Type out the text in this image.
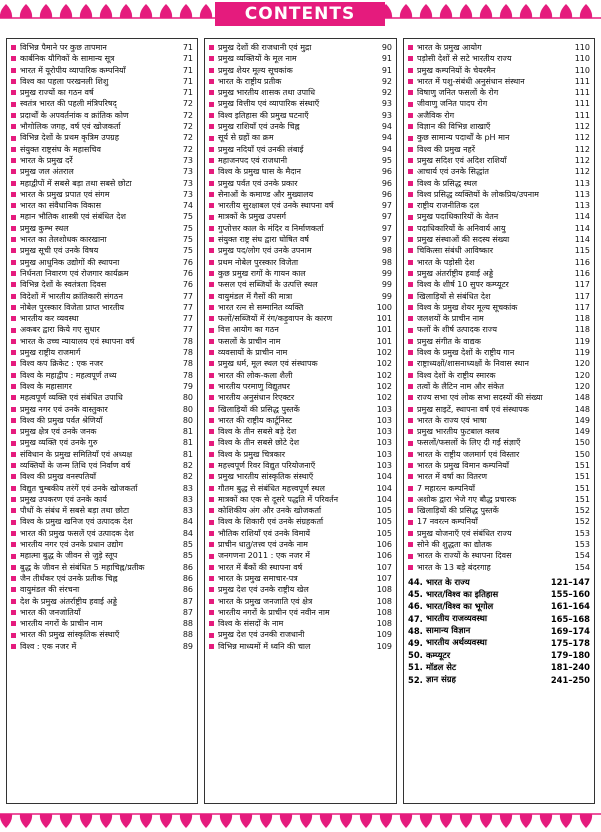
CONTENTS
विभिन्न पैमाने पर कुछ तापमान	71
कार्बनिक यौगिकों के सामान्य सूत्र	71
भारत में यूरोपीय व्यापारिक कम्पनियाँ	71
विश्व का पहला परखनली शिशु	71
प्रमुख राज्यों का गठन वर्ष	71
स्वतंत्र भारत की पहली मंत्रिपरिषद्	72
प्रदार्थों के अपवर्तनांक व क्रांतिक कोण	72
भौगोलिक जगह, वर्ष एवं खोजकर्ता	72
विभिन्न देशों के प्रथम कृत्रिम उपग्रह	72
संयुक्त राष्ट्रसंघ के महासचिव	72
भारत के प्रमुख दर्रे	73
प्रमुख जल अंतराल	73
महाद्वीपों में सबसे बड़ा तथा सबसे छोटा	73
भारत के प्रमुख प्रपात एवं संगम	73
भारत का संवैधानिक विकास	74
महान भौतिक शास्त्री एवं संबंधित देश	75
प्रमुख कुम्भ स्थल	75
भारत का तेलशोधक कारखाना	75
प्रमुख सूची एवं उनके विषय	75
प्रमुख आधुनिक उद्योगों की स्थापना	76
निर्धनता निवारण एवं रोजगार कार्यक्रम	76
विभिन्न देशों के स्वतंत्रता दिवस	76
विदेशों में भारतीय क्रांतिकारी संगठन	77
नोबेल पुरस्कार विजेता प्राप्त भारतीय	77
भारतीय कर व्यवस्था	77
अकबर द्वारा किये गए सुधार	77
भारत के उच्च न्यायालय एवं स्थापना वर्ष	78
प्रमुख राष्ट्रीय राजमार्ग	78
विश्व कप क्रिकेट : एक नजर	78
विश्व के महाद्वीप : महत्वपूर्ण तथ्य	78
विश्व के महासागर	79
महत्वपूर्ण व्यक्ति एवं संबंधित उपाधि	80
प्रमुख नगर एवं उनके वास्तुकार	80
विश्व की प्रमुख पर्वत श्रेणियाँ	80
प्रमुख क्षेत्र एवं उनके जनक	81
प्रमुख व्यक्ति एवं उनके गुरु	81
संविधान के प्रमुख समितियाँ एवं अध्यक्ष	81
व्यक्तियों के जन्म तिथि एवं निर्वाण वर्ष	82
विश्व की प्रमुख वनस्पतियाँ	82
विद्युत चुम्बकीय तरंगें एवं उनके खोजकर्ता	83
प्रमुख उपकरण एवं उनके कार्य	83
पौधों के संबंध में सबसे बड़ा तथा छोटा	83
विश्व के प्रमुख खनिज एवं उत्पादक देश	84
भारत की प्रमुख फसलें एवं उत्पादक देश	84
भारतीय नगर एवं उनके प्रधान उद्योग	85
महात्मा बुद्ध के जीवन से जुड़े स्तूप	85
बुद्ध के जीवन से संबंधित 5 महाचिह्न/प्रतीक	86
जैन तीर्थंकर एवं उनके प्रतीक चिह्न	86
वायुमंडल की संरचना	86
देश के प्रमुख अंतर्राष्ट्रीय हवाई अड्डे	87
भारत की जनजातियाँ	87
भारतीय नगरों के प्राचीन नाम	88
भारत की प्रमुख सांस्कृतिक संस्थाएँ	88
विश्व : एक नजर में	89
प्रमुख देशों की राजधानी एवं मुद्रा	90
प्रमुख व्यक्तियों के मूल नाम	91
प्रमुख शेयर मूल्य सूचकांक	91
भारत के राष्ट्रीय प्रतीक	92
प्रमुख भारतीय शासक तथा उपाधि	92
प्रमुख वित्तीय एवं व्यापारिक संस्थाएँ	93
विश्व इतिहास की प्रमुख घटनाएँ	93
प्रमुख राशियाँ एवं उनके चिह्न	94
सूर्य से ग्रहों का क्रम	94
प्रमुख नदियाँ एवं उनकी लंबाई	94
महाजनपद एवं राजधानी	95
विश्व के प्रमुख घास के मैदान	96
प्रमुख पर्वत एवं उनके प्रकार	96
सेनाओं के कमाण्ड और मुख्यालय	96
भारतीय सुरक्षाबल एवं उनके स्थापना वर्ष	97
मात्रकों के प्रमुख उपसर्ग	97
गुप्तोत्तर काल के मंदिर व निर्माणकर्ता	97
संयुक्त राष्ट्र संघ द्वारा घोषित वर्ष	97
प्रमुख पद/लोग एवं उनके उपनाम	98
प्रथम नोबेल पुरस्कार विजेता	98
कुछ प्रमुख रागों के गायन काल	99
फसल एवं सब्जियों के उत्पत्ति स्थल	99
वायुमंडल में गैसों की मात्रा	99
भारत रत्न से सम्मानित व्यक्ति	100
फलों/सब्जियों में रंग/कड़ुवापन के कारण	101
वित्त आयोग का गठन	101
फसलों के प्राचीन नाम	101
व्यवसायों के प्राचीन नाम	102
प्रमुख धर्म, मूल स्थल एवं संस्थापक	102
भारत की लोक-कला शैली	102
भारतीय परमाणु विद्युतघर	102
भारतीय अनुसंधान रिएक्टर	102
खिलाड़ियों की प्रसिद्ध पुस्तकें	103
भारत की राष्ट्रीय कार्टूनिस्ट	103
विश्व के तीन सबसे बड़े देश	103
विश्व के तीन सबसे छोटे देश	103
विश्व के प्रमुख चित्रकार	103
महत्त्वपूर्ण रिवर विद्युत परियोजनाएँ	103
प्रमुख भारतीय सांस्कृतिक संस्थाएँ	104
गौतम बुद्ध से संबंधित महत्त्वपूर्ण स्थल	104
मात्रकों का एक से दूसरे पद्धति में परिवर्तन	104
कोशिकीय अंग और उनके खोजकर्ता	105
विश्व के शिकारी एवं उनके संग्रहकर्ता	105
भौतिक राशियाँ एवं उनके विमायें	105
प्राचीन धातु/तत्त्व एवं उनके नाम	106
जनगणना 2011 : एक नजर में	106
भारत में बैंकों की स्थापना वर्ष	107
भारत के प्रमुख समाचार-पत्र	107
प्रमुख देश एवं उनके राष्ट्रीय खेल	108
भारत के प्रमुख जनजाति एवं क्षेत्र	108
भारतीय नगरों के प्राचीन एवं नवीन नाम	108
विश्व के संसदों के नाम	108
प्रमुख देश एवं उनकी राजधानी	109
विभिन्न माध्यमों में ध्वनि की चाल	109
भारत के प्रमुख आयोग	110
पड़ोसी देशों से सटे भारतीय राज्य	110
प्रमुख कम्पनियों के चेयरमैन	110
भारत में पशु-संबंधी अनुसंधान संस्थान	111
विषाणु जनित फसलों के रोग	111
जीवाणु जनित पादप रोग	111
अजैविक रोग	111
विज्ञान की विभिन्न शाखाएँ	112
कुछ सामान्य पदार्थों के pH मान	112
विश्व की प्रमुख नहरें	112
प्रमुख सदिश एवं अदिश राशियाँ	112
आचार्य एवं उनके सिद्धांत	112
विश्व के प्रसिद्ध स्थल	113
विश्व प्रसिद्ध व्यक्तियों के लोकप्रिय/उपनाम	113
राष्ट्रीय राजनीतिक दल	113
प्रमुख पदाधिकारियों के वेतन	114
पदाधिकारियों के अनिवार्य आयु	114
प्रमुख संस्थाओं की सदस्य संख्या	114
चिकित्सा संबंधी आविष्कार	115
भारत के पड़ोसी देश	116
प्रमुख अंतर्राष्ट्रीय हवाई अड्डे	116
विश्व के शीर्ष 10 सुपर कम्प्यूटर	117
खिलाड़ियों से संबंधित देश	117
विश्व के प्रमुख शेयर मूल्य सूचकांक	117
जलशयों के प्राचीन नाम	118
फलों के शीर्ष उत्पादक राज्य	118
प्रमुख संगीत के वाद्यक	119
विश्व के प्रमुख देशों के राष्ट्रीय गान	119
राष्ट्राध्यक्षों/शासनाध्यक्षों के निवास स्थान	120
विश्व देशों के राष्ट्रीय स्मारक	120
तत्वों के लैटिन नाम और संकेत	120
राज्य सभा एवं लोक सभा सदस्यों की संख्या	148
प्रमुख साइटें, स्थापना वर्ष एवं संस्थापक	148
भारत के राज्य एवं भाषा	149
प्रमुख भारतीय फुटबाल क्लब	149
फसलों/फसलों के लिए दी गई संज्ञाएँ	150
भारत के राष्ट्रीय जलमार्ग एवं विस्तार	150
भारत के प्रमुख विमान कम्पनियाँ	151
भारत में वर्षा का वितरण	151
7 महारत्न कम्पनियाँ	151
अशोक द्वारा भेजे गए बौद्ध प्रचारक	151
खिलाड़ियों की प्रसिद्ध पुस्तकें	152
17 नवरत्न कम्पनियाँ	152
प्रमुख योजनाएँ एवं संबंधित राज्य	153
सोने की शुद्धता का द्योतक	153
भारत के राज्यों के स्थापना दिवस	154
भारत के 13 बड़े बंदरगाह	154
44. भारत के राज्य	121–147
45. भारत/विश्व का इतिहास	155–160
46. भारत/विश्व का भूगोल	161–164
47. भारतीय राजव्यवस्था	165–168
48. सामान्य विज्ञान	169–174
49. भारतीय अर्थव्यवस्था	175–178
50. कम्प्यूटर	179–180
51. मॉडल सेट	181–240
52. ज्ञान संग्रह	241–250
